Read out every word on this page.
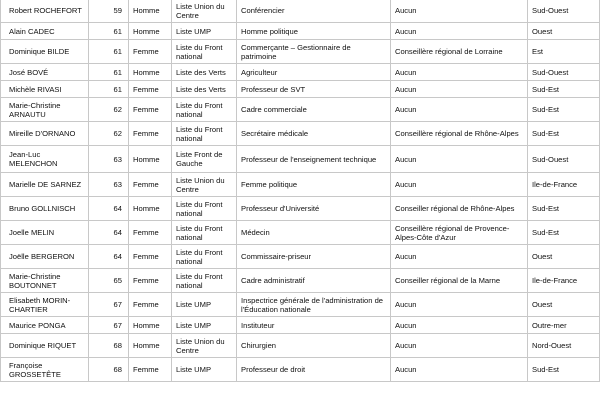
Robert ROCHEFORT	59	Homme	Liste Union du Centre	Conférencier	Aucun	Sud-Ouest
Alain CADEC	61	Homme	Liste UMP	Homme politique	Aucun	Ouest
Dominique BILDE	61	Femme	Liste du Front national	Commerçante – Gestionnaire de patrimoine	Conseillère régional de Lorraine	Est
José BOVÉ	61	Homme	Liste des Verts	Agriculteur	Aucun	Sud-Ouest
Michèle RIVASI	61	Femme	Liste des Verts	Professeur de SVT	Aucun	Sud-Est
Marie-Christine ARNAUTU	62	Femme	Liste du Front national	Cadre commerciale	Aucun	Sud-Est
Mireille D'ORNANO	62	Femme	Liste du Front national	Secrétaire médicale	Conseillère régional de Rhône-Alpes	Sud-Est
Jean-Luc MELENCHON	63	Homme	Liste Front de Gauche	Professeur de l'enseignement technique	Aucun	Sud-Ouest
Marielle DE SARNEZ	63	Femme	Liste Union du Centre	Femme politique	Aucun	Ile-de-France
Bruno GOLLNISCH	64	Homme	Liste du Front national	Professeur d'Université	Conseiller régional de Rhône-Alpes	Sud-Est
Joelle MELIN	64	Femme	Liste du Front national	Médecin	Conseillère régional de Provence-Alpes-Côte d'Azur	Sud-Est
Joëlle BERGERON	64	Femme	Liste du Front national	Commissaire-priseur	Aucun	Ouest
Marie-Christine BOUTONNET	65	Femme	Liste du Front national	Cadre administratif	Conseiller régional de la Marne	Ile-de-France
Elisabeth MORIN-CHARTIER	67	Femme	Liste UMP	Inspectrice générale de l'administration de l'Éducation nationale	Aucun	Ouest
Maurice PONGA	67	Homme	Liste UMP	Instituteur	Aucun	Outre-mer
Dominique RIQUET	68	Homme	Liste Union du Centre	Chirurgien	Aucun	Nord-Ouest
Françoise GROSSETÊTE	68	Femme	Liste UMP	Professeur de droit	Aucun	Sud-Est
